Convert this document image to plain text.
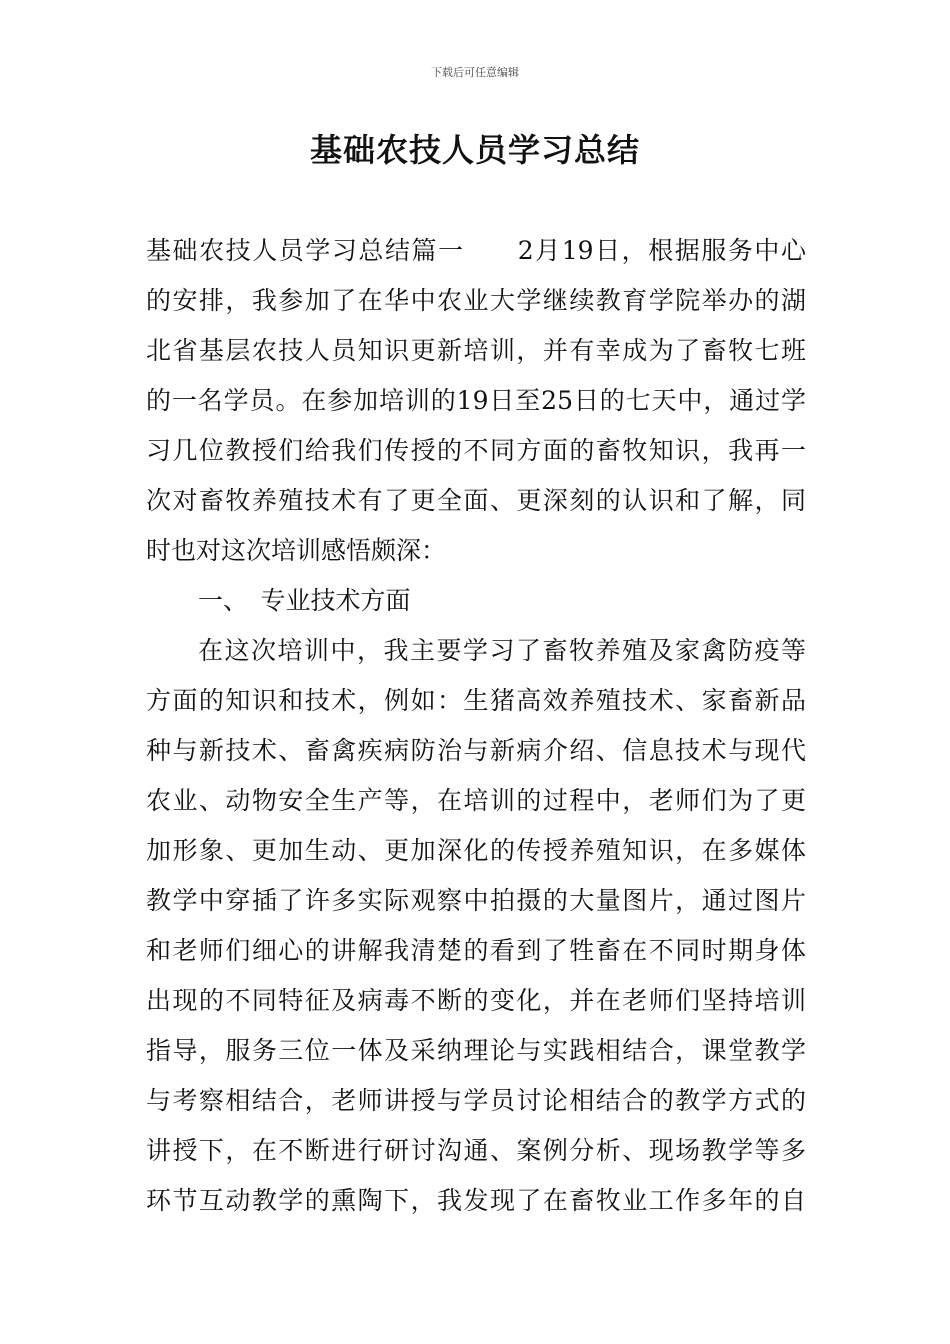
下载后可任意编辑
基础农技人员学习总结
基础农技人员学习总结篇一　　2月19日，根据服务中心
的安排，我参加了在华中农业大学继续教育学院举办的湖
北省基层农技人员知识更新培训，并有幸成为了畜牧七班
的一名学员。在参加培训的19日至25日的七天中，通过学
习几位教授们给我们传授的不同方面的畜牧知识，我再一
次对畜牧养殖技术有了更全面、更深刻的认识和了解，同
时也对这次培训感悟颇深：
一、　专业技术方面
在这次培训中，我主要学习了畜牧养殖及家禽防疫等
方面的知识和技术，例如：生猪高效养殖技术、家畜新品
种与新技术、畜禽疾病防治与新病介绍、信息技术与现代
农业、动物安全生产等，在培训的过程中，老师们为了更
加形象、更加生动、更加深化的传授养殖知识，在多媒体
教学中穿插了许多实际观察中拍摄的大量图片，通过图片
和老师们细心的讲解我清楚的看到了牲畜在不同时期身体
出现的不同特征及病毒不断的变化，并在老师们坚持培训
指导，服务三位一体及采纳理论与实践相结合，课堂教学
与考察相结合，老师讲授与学员讨论相结合的教学方式的
讲授下，在不断进行研讨沟通、案例分析、现场教学等多
环节互动教学的熏陶下，我发现了在畜牧业工作多年的自
